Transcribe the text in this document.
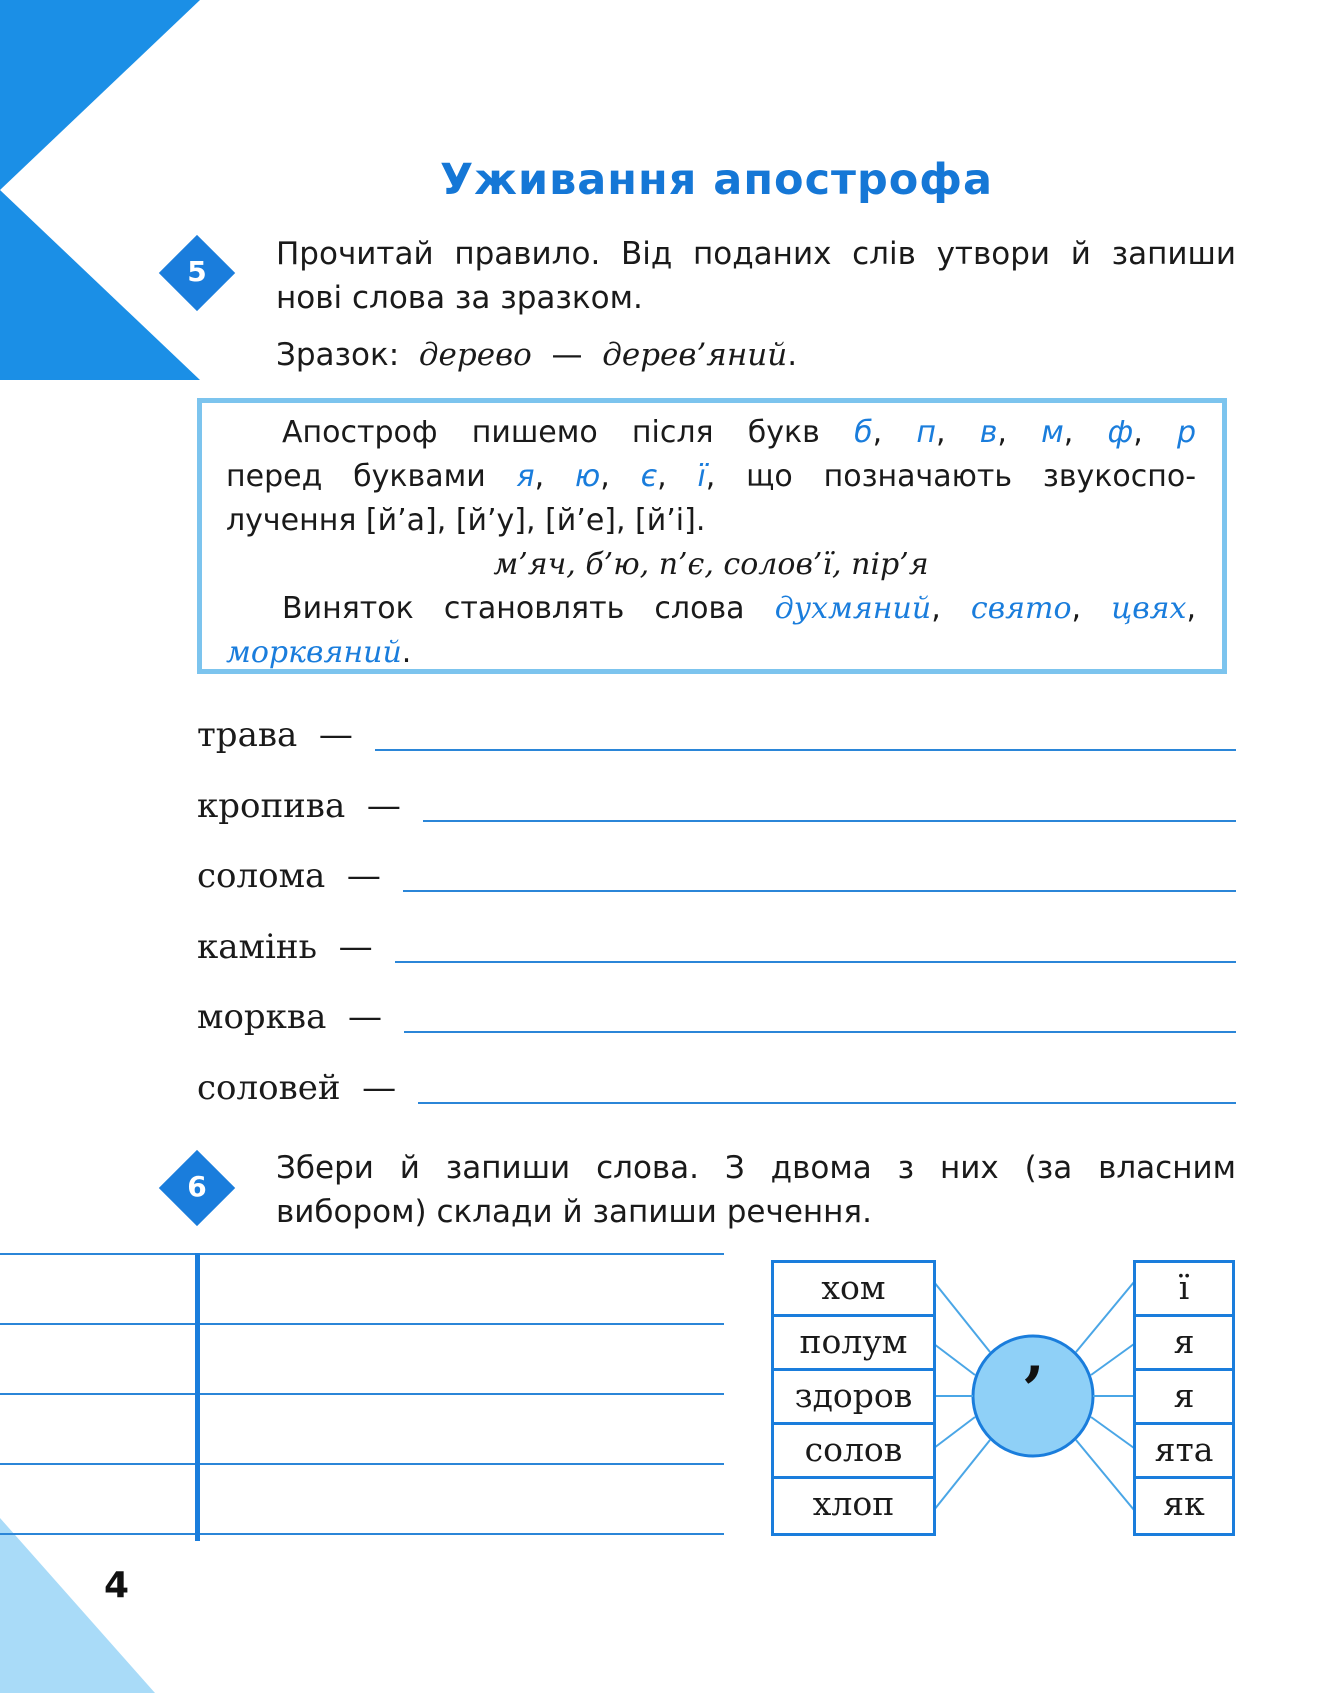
Уживання апострофа
5	Прочитай правило. Від поданих слів утвори й запиши нові слова за зразком.
Зразок: дерево — дерев’яний.

Апостроф пишемо після букв б, п, в, м, ф, р

перед буквами я, ю, є, ї, що позначають звукоспо-

лучення [й’а], [й’у], [й’е], [й’і].

м’яч, б’ю, п’є, солов’ї, пір’я

Виняток становлять слова духмяний, свято, цвях,

морквяний.

трава
—
кропива
—
солома
—
камінь
—
морква
—
соловей
—
6
Збери й запиши слова. З двома з них (за власним вибором) склади й запиши речення.
’
хом
полум
здоров
солов
хлоп
ї
я
я
ята
як
4
